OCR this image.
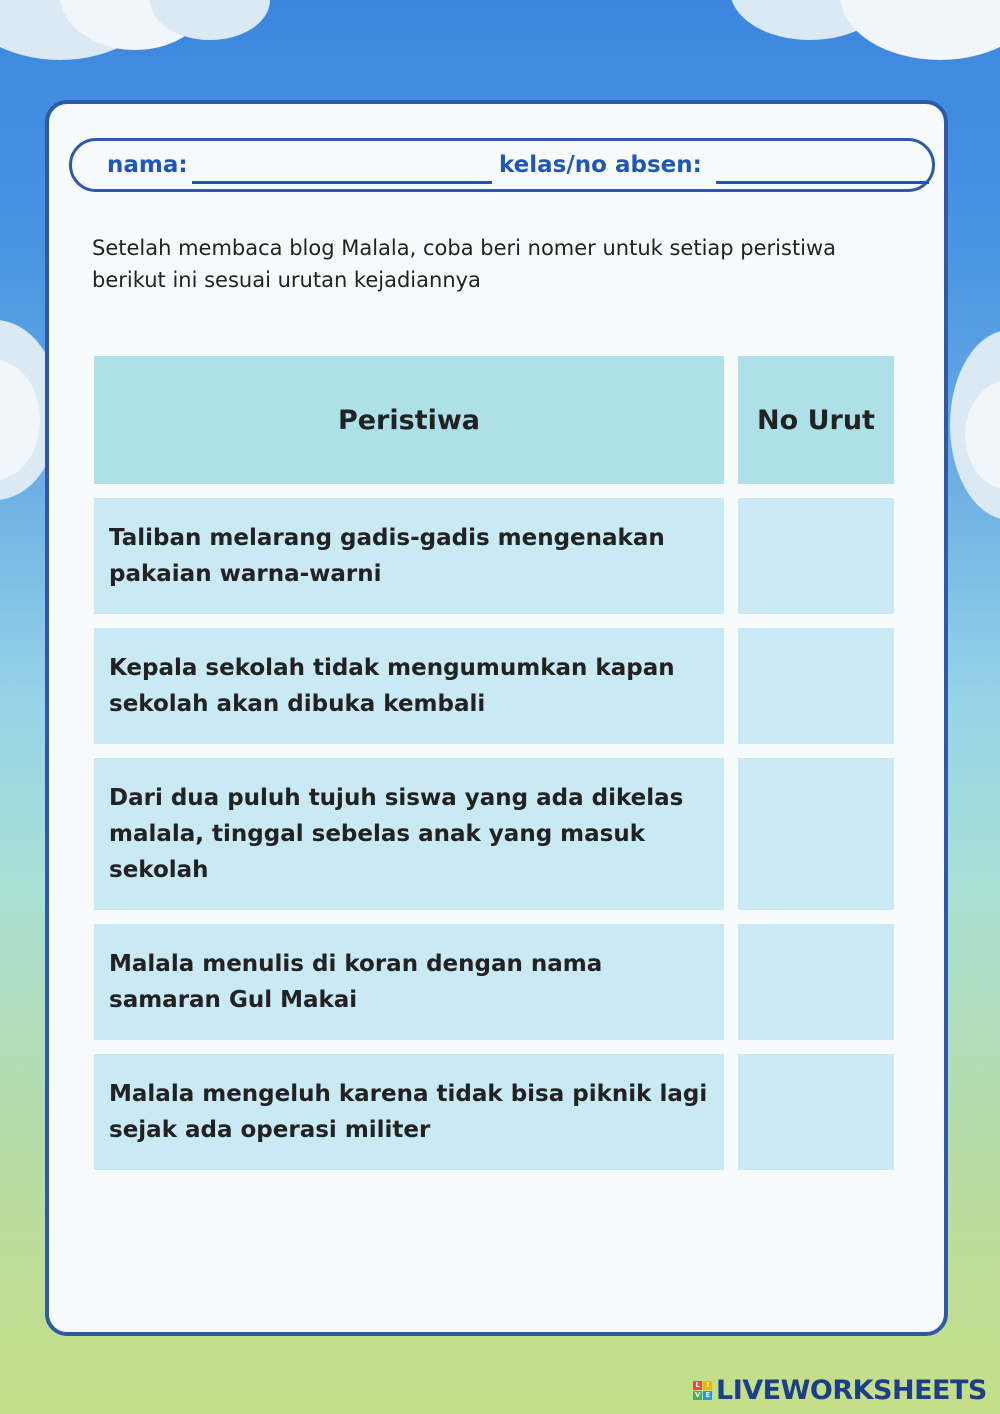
nama:	kelas/no absen:
Setelah membaca blog Malala, coba beri nomer untuk setiap peristiwa berikut ini sesuai urutan kejadiannya
Peristiwa	No Urut
Taliban melarang gadis-gadis mengenakan pakaian warna-warni
Kepala sekolah tidak mengumumkan kapan sekolah akan dibuka kembali
Dari dua puluh tujuh siswa yang ada dikelas malala, tinggal sebelas anak yang masuk sekolah
Malala menulis di koran dengan nama samaran Gul Makai
Malala mengeluh karena tidak bisa piknik lagi sejak ada operasi militer
L I
V E LIVEWORKSHEETS
